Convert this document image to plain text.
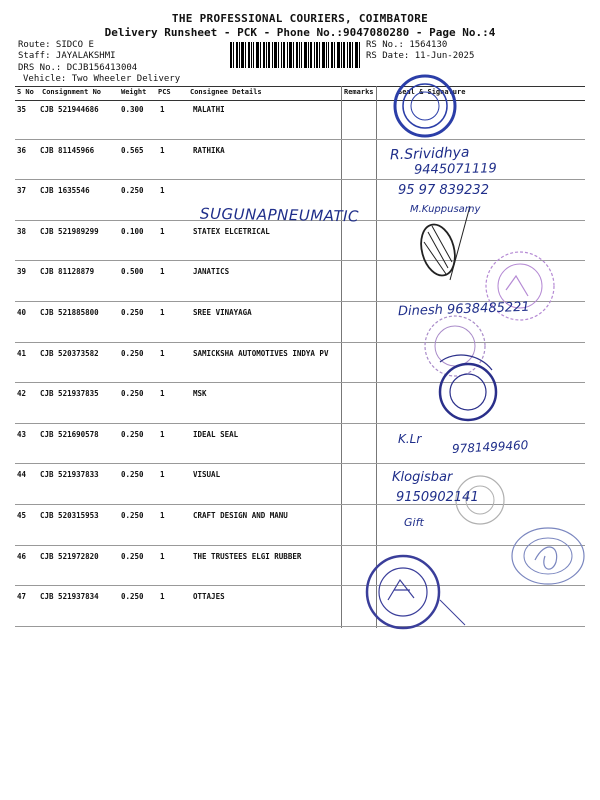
THE PROFESSIONAL COURIERS, COIMBATORE
Delivery Runsheet - PCK - Phone No.:9047080280 - Page No.:4
Route: SIDCO E
Staff: JAYALAKSHMI
DRS No.: DCJB156413004
Vehicle: Two Wheeler Delivery
RS No.: 1564130
RS Date: 11-Jun-2025
S No Consignment No	Weight PCS	Consignee Details	Remarks	Seal & Signature
35 CJB 521944686	0.300 1	MALATHI
36 CJB 81145966	0.565 1	RATHIKA
37 CJB 1635546	0.250 1
38 CJB 521989299	0.100 1	STATEX ELCETRICAL
39 CJB 81128879	0.500 1	JANATICS
40 CJB 521885800	0.250 1	SREE VINAYAGA
41 CJB 520373582	0.250 1	SAMICKSHA AUTOMOTIVES INDYA PV
42 CJB 521937835	0.250 1	MSK
43 CJB 521690578	0.250 1	IDEAL SEAL
44 CJB 521937833	0.250 1	VISUAL
45 CJB 520315953	0.250 1	CRAFT DESIGN AND MANU
46 CJB 521972820	0.250 1	THE TRUSTEES ELGI RUBBER
47 CJB 521937834	0.250 1	OTTAJES
R.Srividhya
9445071119
95 97 839232
M.Kuppusamy
SUGUNAPNEUMATIC
Dinesh 9638485221
K.Lr	9781499460
Klogisbar
9150902141
Gift
